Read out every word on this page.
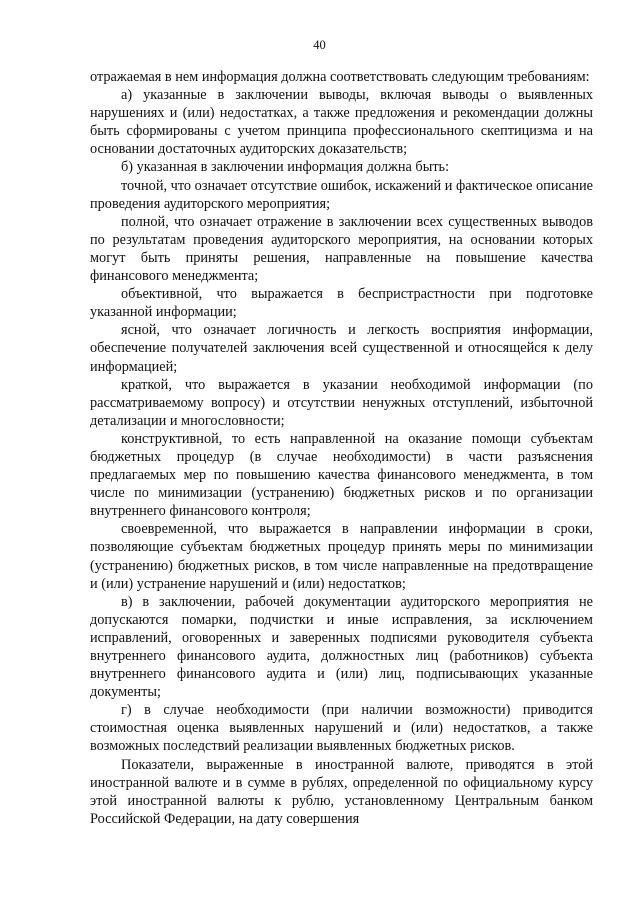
40

отражаемая в нем информация должна соответствовать следующим требованиям:

а) указанные в заключении выводы, включая выводы о выявленных нарушениях и (или) недостатках, а также предложения и рекомендации должны быть сформированы с учетом принципа профессионального скептицизма и на основании достаточных аудиторских доказательств;

б) указанная в заключении информация должна быть:

точной, что означает отсутствие ошибок, искажений и фактическое описание проведения аудиторского мероприятия;

полной, что означает отражение в заключении всех существенных выводов по результатам проведения аудиторского мероприятия, на основании которых могут быть приняты решения, направленные на повышение качества финансового менеджмента;

объективной, что выражается в беспристрастности при подготовке указанной информации;

ясной, что означает логичность и легкость восприятия информации, обеспечение получателей заключения всей существенной и относящейся к делу информацией;

краткой, что выражается в указании необходимой информации (по рассматриваемому вопросу) и отсутствии ненужных отступлений, избыточной детализации и многословности;

конструктивной, то есть направленной на оказание помощи субъектам бюджетных процедур (в случае необходимости) в части разъяснения предлагаемых мер по повышению качества финансового менеджмента, в том числе по минимизации (устранению) бюджетных рисков и по организации внутреннего финансового контроля;

своевременной, что выражается в направлении информации в сроки, позволяющие субъектам бюджетных процедур принять меры по минимизации (устранению) бюджетных рисков, в том числе направленные на предотвращение и (или) устранение нарушений и (или) недостатков;

в) в заключении, рабочей документации аудиторского мероприятия не допускаются помарки, подчистки и иные исправления, за исключением исправлений, оговоренных и заверенных подписями руководителя субъекта внутреннего финансового аудита, должностных лиц (работников) субъекта внутреннего финансового аудита и (или) лиц, подписывающих указанные документы;

г) в случае необходимости (при наличии возможности) приводится стоимостная оценка выявленных нарушений и (или) недостатков, а также возможных последствий реализации выявленных бюджетных рисков.

Показатели, выраженные в иностранной валюте, приводятся в этой иностранной валюте и в сумме в рублях, определенной по официальному курсу этой иностранной валюты к рублю, установленному Центральным банком Российской Федерации, на дату совершения
